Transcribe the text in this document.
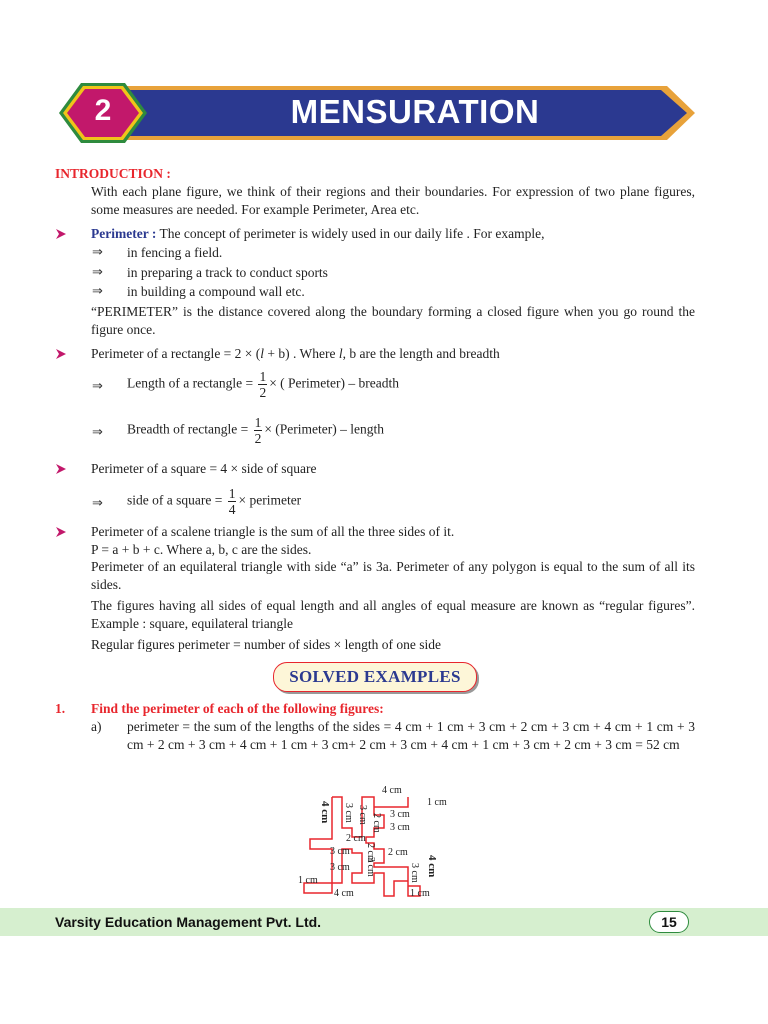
2	MENSURATION
INTRODUCTION :
With each plane figure, we think of their regions and their boundaries. For expression of two plane figures, some measures are needed. For example Perimeter, Area etc.
Perimeter : The concept of perimeter is widely used in our daily life . For example,
⇒ in fencing a field.
⇒ in preparing a track to conduct sports
⇒ in building a compound wall etc.
“PERIMETER” is the distance covered along the boundary forming a closed figure when you go round the figure once.
Perimeter of a rectangle = 2 × (l + b) . Where l, b are the length and breadth
⇒ Length of a rectangle = $\frac{1}{2}$ × ( Perimeter) – breadth
⇒ Breadth of rectangle = $\frac{1}{2}$ × (Perimeter) – length
Perimeter of a square = 4 × side of square
⇒ side of a square = $\frac{1}{4}$ × perimeter
Perimeter of a scalene triangle is the sum of all the three sides of it.
P = a + b + c. Where a, b, c are the sides.
Perimeter of an equilateral triangle with side “a” is 3a. Perimeter of any polygon is equal to the sum of all its sides.
The figures having all sides of equal length and all angles of equal measure are known as “regular figures”. Example : square, equilateral triangle
Regular figures perimeter = number of sides × length of one side
SOLVED EXAMPLES
1. Find the perimeter of each of the following figures:
a) perimeter = the sum of the lengths of the sides = 4 cm + 1 cm + 3 cm + 2 cm + 3 cm + 4 cm + 1 cm + 3 cm + 2 cm + 3 cm + 4 cm + 1 cm + 3 cm+ 2 cm + 3 cm + 4 cm + 1 cm + 3 cm + 2 cm + 3 cm = 52 cm
4 cm
1 cm
4 cm 3 cm 3 cm 2 cm 3 cm
3 cm
2 cm
3 cm 2 cm 2 cm
3 cm 3 cm	3 cm 4 cm
1 cm
4 cm	1 cm
Varsity Education Management Pvt. Ltd.	15
